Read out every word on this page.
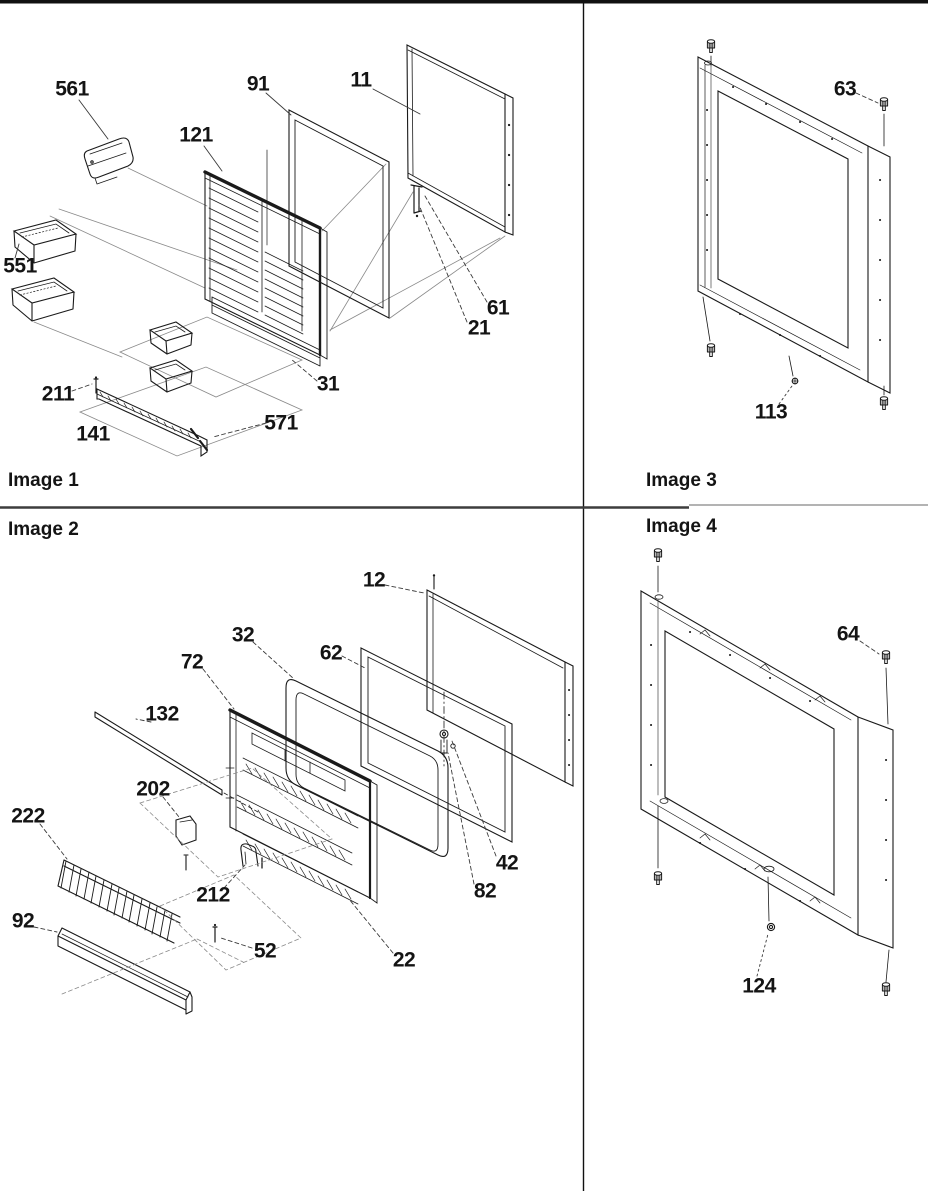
Image 1	Image 3
Image 2	Image 4
561
121
91	11
551
211
141	571
31
61
21
63
113
12
32
62
72
132
202
222
212
92
52	22
42
82
64
124
